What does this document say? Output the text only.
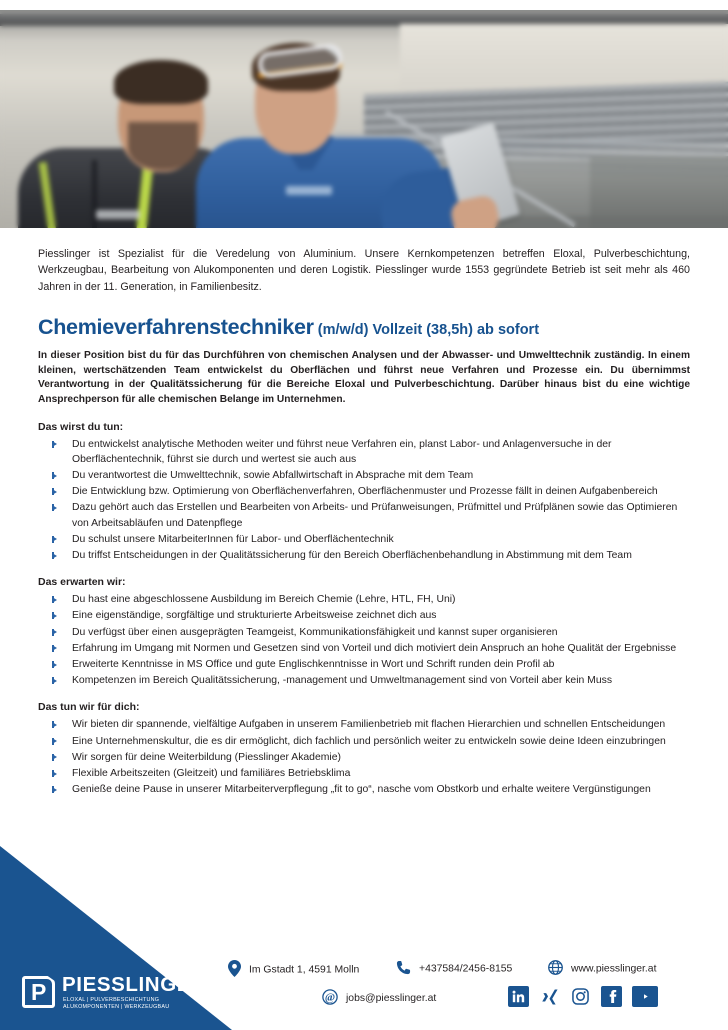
Piesslinger ist Spezialist für die Veredelung von Aluminium. Unsere Kernkompetenzen betreffen Eloxal, Pulverbeschichtung, Werkzeugbau, Bearbeitung von Alukomponenten und deren Logistik. Piesslinger wurde 1553 gegründete Betrieb ist seit mehr als 460 Jahren in der 11. Generation, in Familienbesitz.

Chemieverfahrenstechniker (m/w/d) Vollzeit (38,5h) ab sofort

In dieser Position bist du für das Durchführen von chemischen Analysen und der Abwasser- und Umwelttechnik zuständig. In einem kleinen, wertschätzenden Team entwickelst du Oberflächen und führst neue Verfahren und Prozesse ein. Du übernimmst Verantwortung in der Qualitätssicherung für die Bereiche Eloxal und Pulverbeschichtung. Darüber hinaus bist du eine wichtige Ansprechperson für alle chemischen Belange im Unternehmen.

Das wirst du tun:
Du entwickelst analytische Methoden weiter und führst neue Verfahren ein, planst Labor- und Anlagenversuche in der Oberflächentechnik, führst sie durch und wertest sie auch aus
Du verantwortest die Umwelttechnik, sowie Abfallwirtschaft in Absprache mit dem Team
Die Entwicklung bzw. Optimierung von Oberflächenverfahren, Oberflächenmuster und Prozesse fällt in deinen Aufgabenbereich
Dazu gehört auch das Erstellen und Bearbeiten von Arbeits- und Prüfanweisungen, Prüfmittel und Prüfplänen sowie das Optimieren von Arbeitsabläufen und Datenpflege
Du schulst unsere MitarbeiterInnen für Labor- und Oberflächentechnik
Du triffst Entscheidungen in der Qualitätssicherung für den Bereich Oberflächenbehandlung in Abstimmung mit dem Team
Das erwarten wir:
Du hast eine abgeschlossene Ausbildung im Bereich Chemie (Lehre, HTL, FH, Uni)
Eine eigenständige, sorgfältige und strukturierte Arbeitsweise zeichnet dich aus
Du verfügst über einen ausgeprägten Teamgeist, Kommunikationsfähigkeit und kannst super organisieren
Erfahrung im Umgang mit Normen und Gesetzen sind von Vorteil und dich motiviert dein Anspruch an hohe Qualität der Ergebnisse
Erweiterte Kenntnisse in MS Office und gute Englischkenntnisse in Wort und Schrift runden dein Profil ab
Kompetenzen im Bereich Qualitätssicherung, -management und Umweltmanagement sind von Vorteil aber kein Muss
Das tun wir für dich:
Wir bieten dir spannende, vielfältige Aufgaben in unserem Familienbetrieb mit flachen Hierarchien und schnellen Entscheidungen
Eine Unternehmenskultur, die es dir ermöglicht, dich fachlich und persönlich weiter zu entwickeln sowie deine Ideen einzubringen
Wir sorgen für deine Weiterbildung (Piesslinger Akademie)
Flexible Arbeitszeiten (Gleitzeit) und familiäres Betriebsklima
Genieße deine Pause in unserer Mitarbeiterverpflegung „fit to go“, nasche vom Obstkorb und erhalte weitere Vergünstigungen
P PIESSLINGER
ELOXAL | PULVERBESCHICHTUNG
ALUKOMPONENTEN | WERKZEUGBAU
Im Gstadt 1, 4591 Molln	+437584/2456-8155	www.piesslinger.at
@ jobs@piesslinger.at
